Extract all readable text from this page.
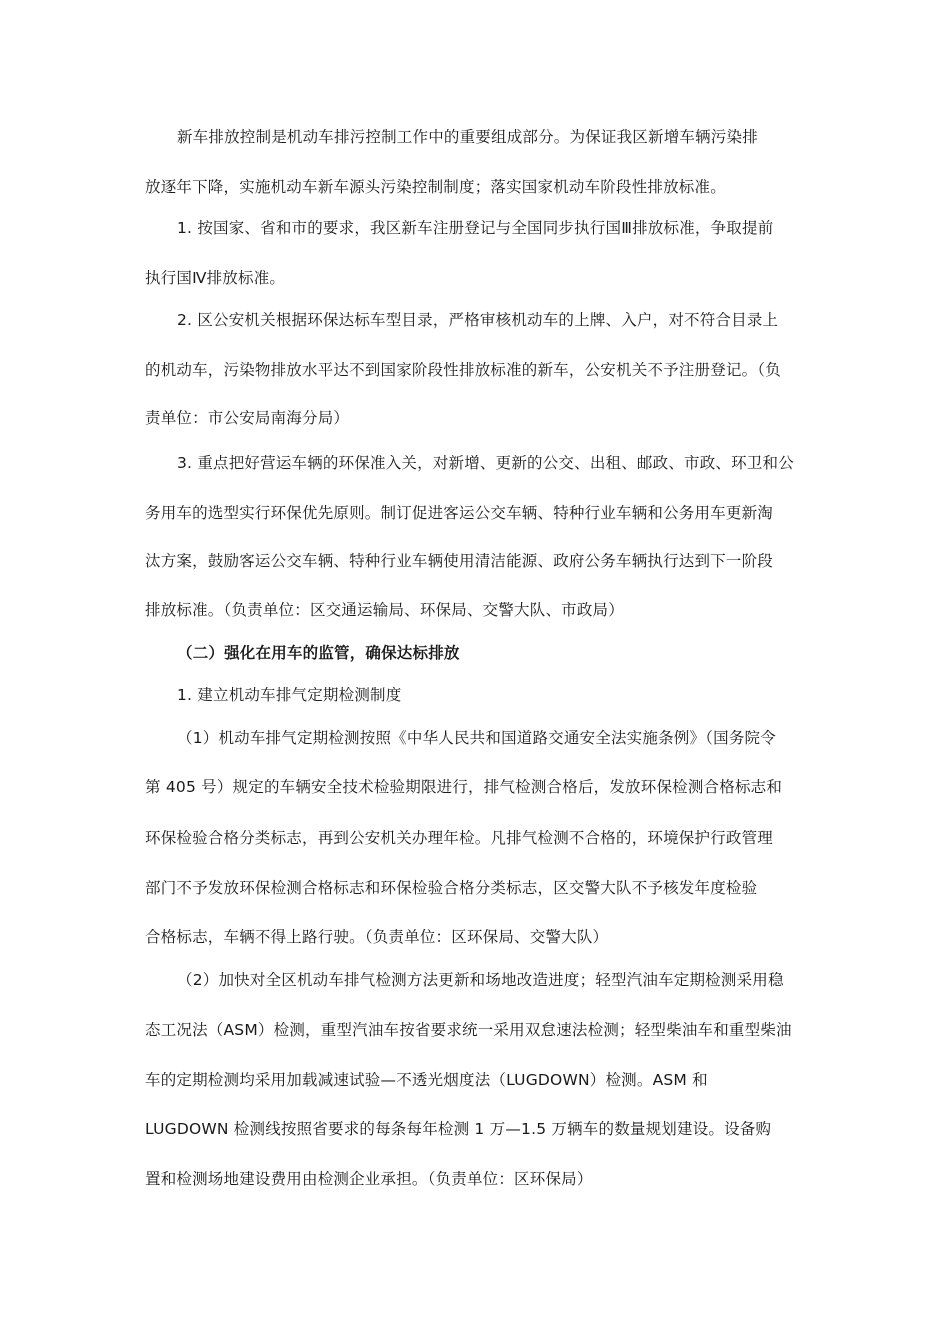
新车排放控制是机动车排污控制工作中的重要组成部分。为保证我区新增车辆污染排
放逐年下降，实施机动车新车源头污染控制制度；落实国家机动车阶段性排放标准。
1. 按国家、省和市的要求，我区新车注册登记与全国同步执行国Ⅲ排放标准，争取提前
执行国Ⅳ排放标准。
2. 区公安机关根据环保达标车型目录，严格审核机动车的上牌、入户，对不符合目录上
的机动车，污染物排放水平达不到国家阶段性排放标准的新车，公安机关不予注册登记。（负
责单位：市公安局南海分局）
3. 重点把好营运车辆的环保准入关，对新增、更新的公交、出租、邮政、市政、环卫和公
务用车的选型实行环保优先原则。制订促进客运公交车辆、特种行业车辆和公务用车更新淘
汰方案，鼓励客运公交车辆、特种行业车辆使用清洁能源、政府公务车辆执行达到下一阶段
排放标准。（负责单位：区交通运输局、环保局、交警大队、市政局）
（二）强化在用车的监管，确保达标排放
1. 建立机动车排气定期检测制度
（1）机动车排气定期检测按照《中华人民共和国道路交通安全法实施条例》（国务院令
第 405 号）规定的车辆安全技术检验期限进行，排气检测合格后，发放环保检测合格标志和
环保检验合格分类标志，再到公安机关办理年检。凡排气检测不合格的，环境保护行政管理
部门不予发放环保检测合格标志和环保检验合格分类标志，区交警大队不予核发年度检验
合格标志，车辆不得上路行驶。（负责单位：区环保局、交警大队）
（2）加快对全区机动车排气检测方法更新和场地改造进度；轻型汽油车定期检测采用稳
态工况法（ASM）检测，重型汽油车按省要求统一采用双怠速法检测；轻型柴油车和重型柴油
车的定期检测均采用加载减速试验—不透光烟度法（LUGDOWN）检测。ASM 和
LUGDOWN 检测线按照省要求的每条每年检测 1 万—1.5 万辆车的数量规划建设。设备购
置和检测场地建设费用由检测企业承担。（负责单位：区环保局）
